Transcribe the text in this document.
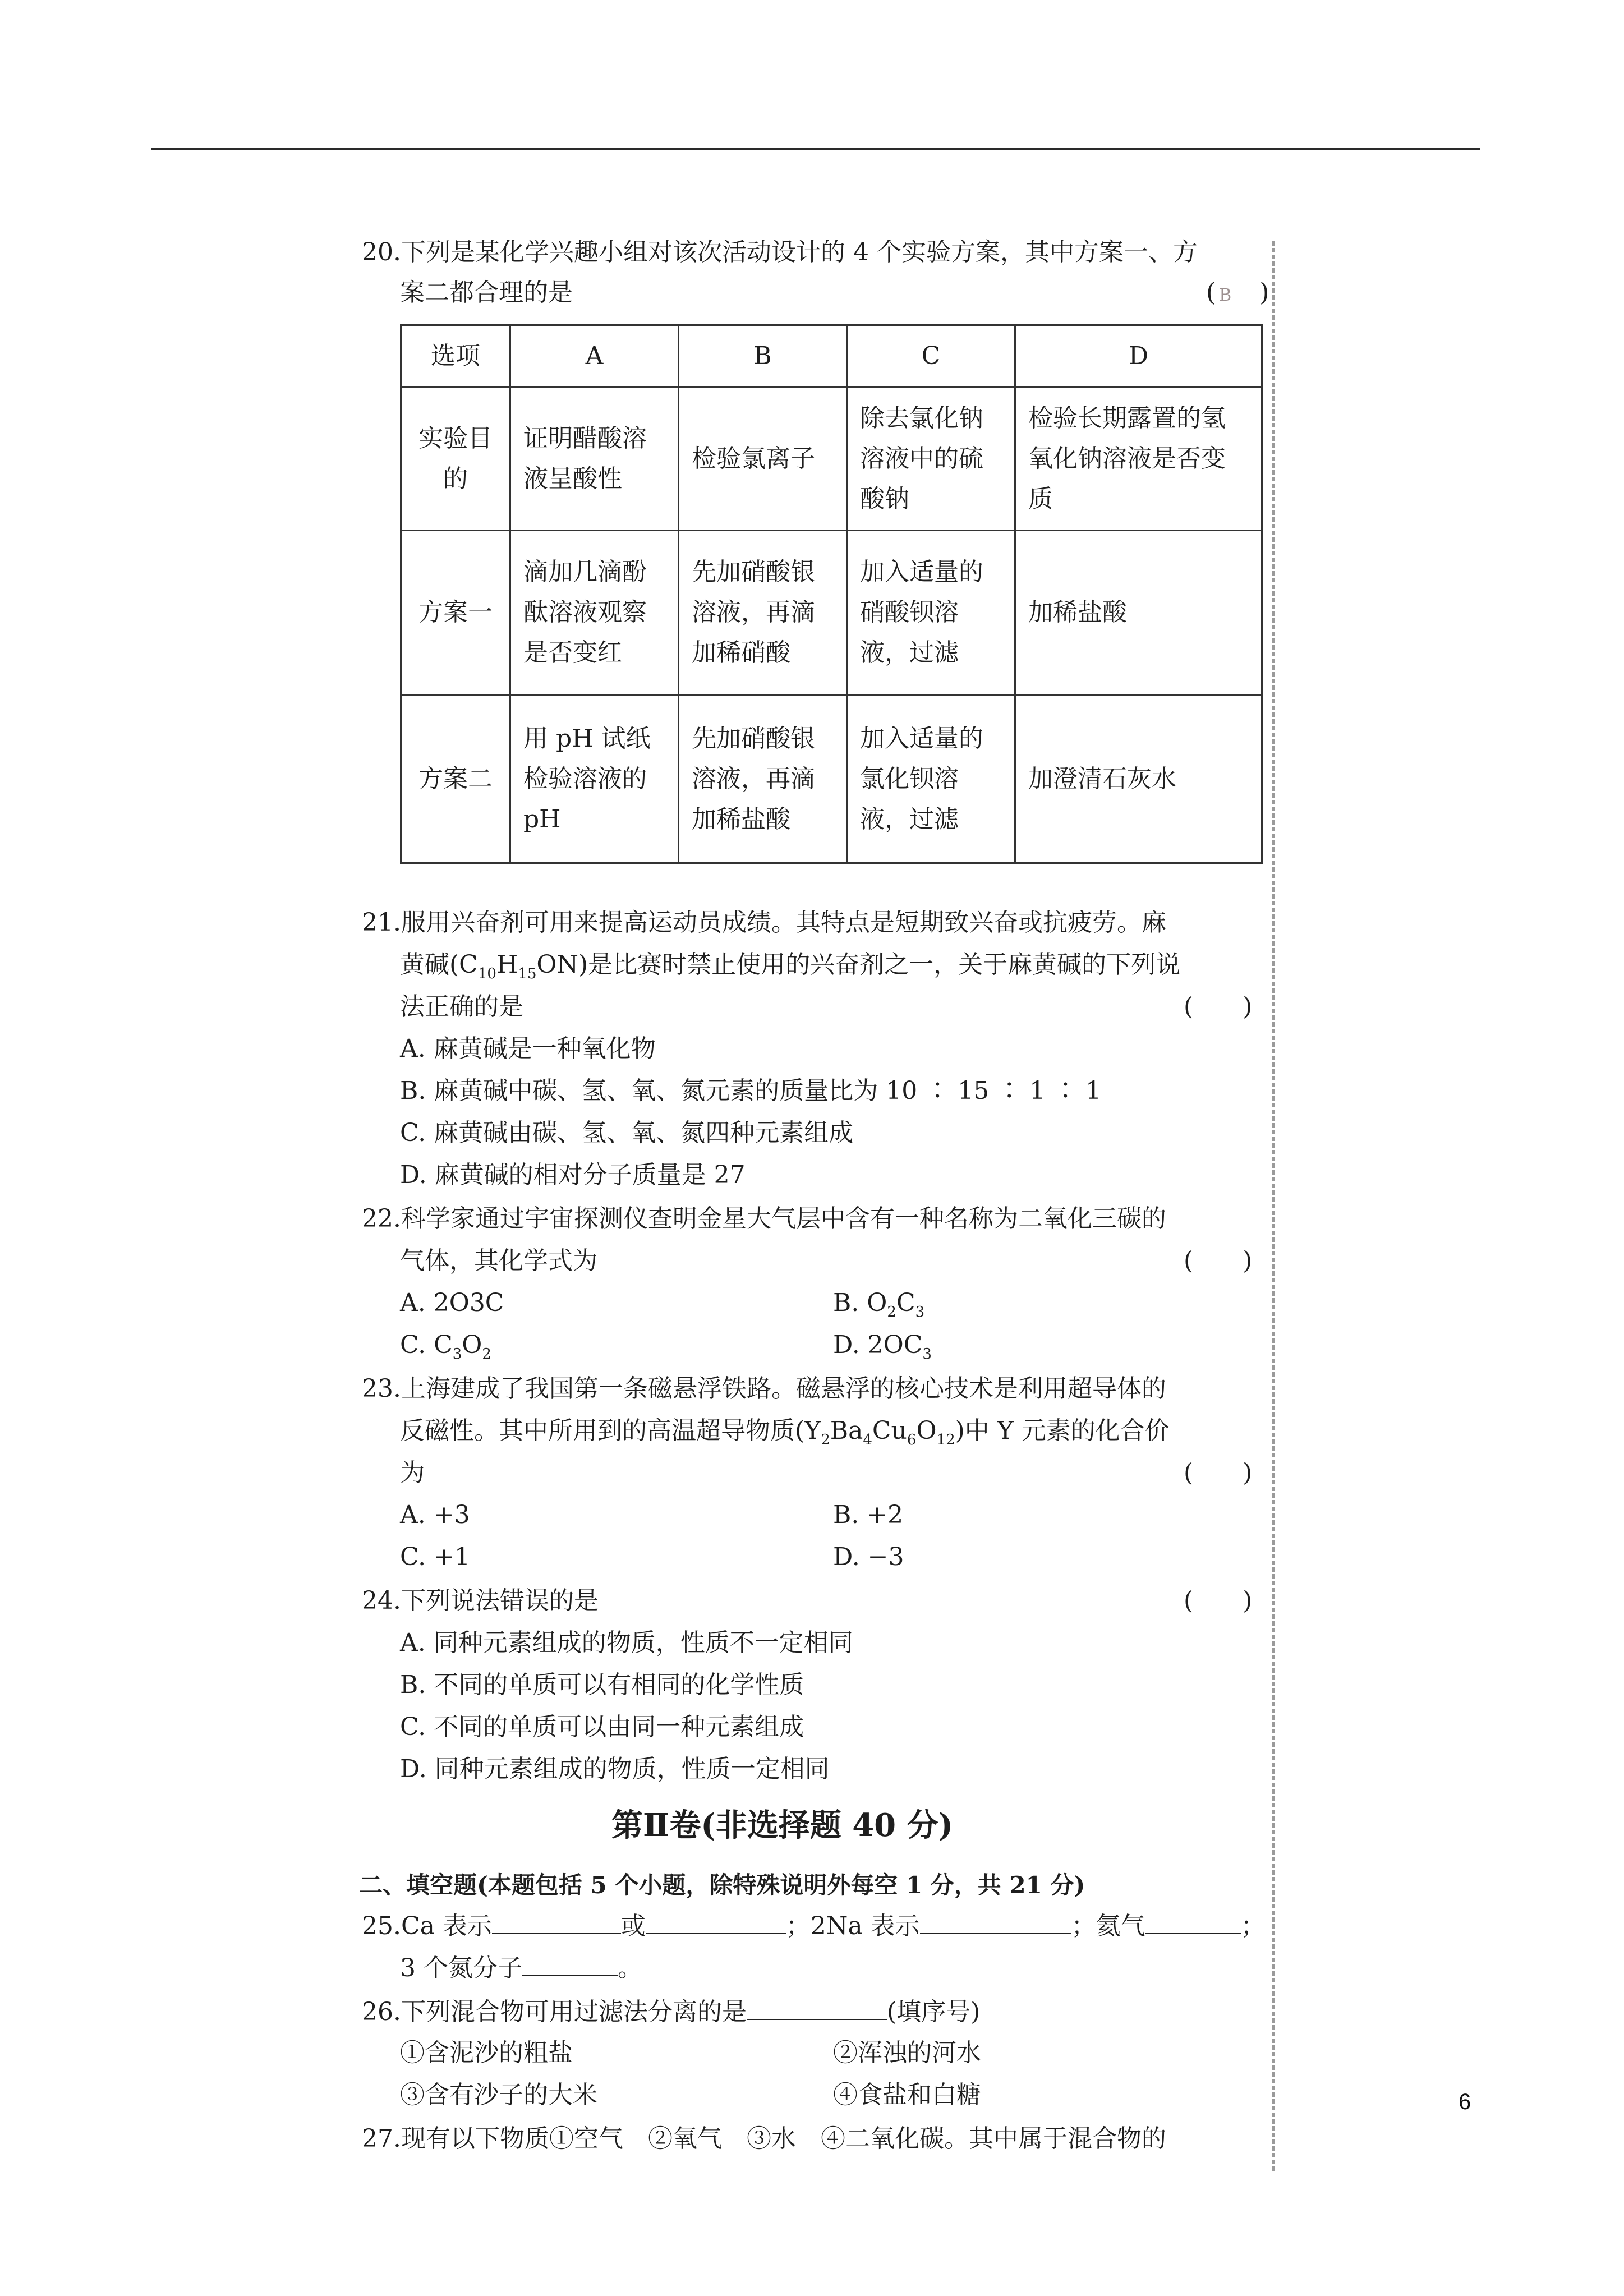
20.下列是某化学兴趣小组对该次活动设计的 4 个实验方案，其中方案一、方
案二都合理的是	( B　 )
选项	A	B	C	D
实验目的	证明醋酸溶液呈酸性	检验氯离子	除去氯化钠溶液中的硫酸钠	检验长期露置的氢氧化钠溶液是否变质
方案一	滴加几滴酚酞溶液观察是否变红	先加硝酸银溶液，再滴加稀硝酸	加入适量的硝酸钡溶液，过滤	加稀盐酸
方案二	用 pH 试纸检验溶液的 pH	先加硝酸银溶液，再滴加稀盐酸	加入适量的氯化钡溶液，过滤	加澄清石灰水
21.服用兴奋剂可用来提高运动员成绩。其特点是短期致兴奋或抗疲劳。麻
黄碱$(C_{10}H_{15}ON)$是比赛时禁止使用的兴奋剂之一，关于麻黄碱的下列说
法正确的是	(　　)
A. 麻黄碱是一种氧化物
B. 麻黄碱中碳、氢、氧、氮元素的质量比为 10 ∶ 15 ∶ 1 ∶ 1
C. 麻黄碱由碳、氢、氧、氮四种元素组成
D. 麻黄碱的相对分子质量是 27
22.科学家通过宇宙探测仪查明金星大气层中含有一种名称为二氧化三碳的
气体，其化学式为	(　　)
A. 2O3C	B. $O_2C_3$
C. $C_3O_2$	D. $2OC_3$
23.上海建成了我国第一条磁悬浮铁路。磁悬浮的核心技术是利用超导体的
反磁性。其中所用到的高温超导物质$(Y_2Ba_4Cu_6O_{12})$中 Y 元素的化合价
为	(　　)
A. +3	B. +2
C. +1	D. −3
24.下列说法错误的是	(　　)
A. 同种元素组成的物质，性质不一定相同
B. 不同的单质可以有相同的化学性质
C. 不同的单质可以由同一种元素组成
D. 同种元素组成的物质，性质一定相同
第Ⅱ卷(非选择题 40 分)
二、填空题(本题包括 5 个小题，除特殊说明外每空 1 分，共 21 分)
25.Ca 表示	或	；2Na 表示	；氦气	；
3 个氮分子	。
26.下列混合物可用过滤法分离的是	(填序号)
①含泥沙的粗盐	②浑浊的河水
③含有沙子的大米	④食盐和白糖
27.现有以下物质①空气　②氧气　③水　④二氧化碳。其中属于混合物的
6
